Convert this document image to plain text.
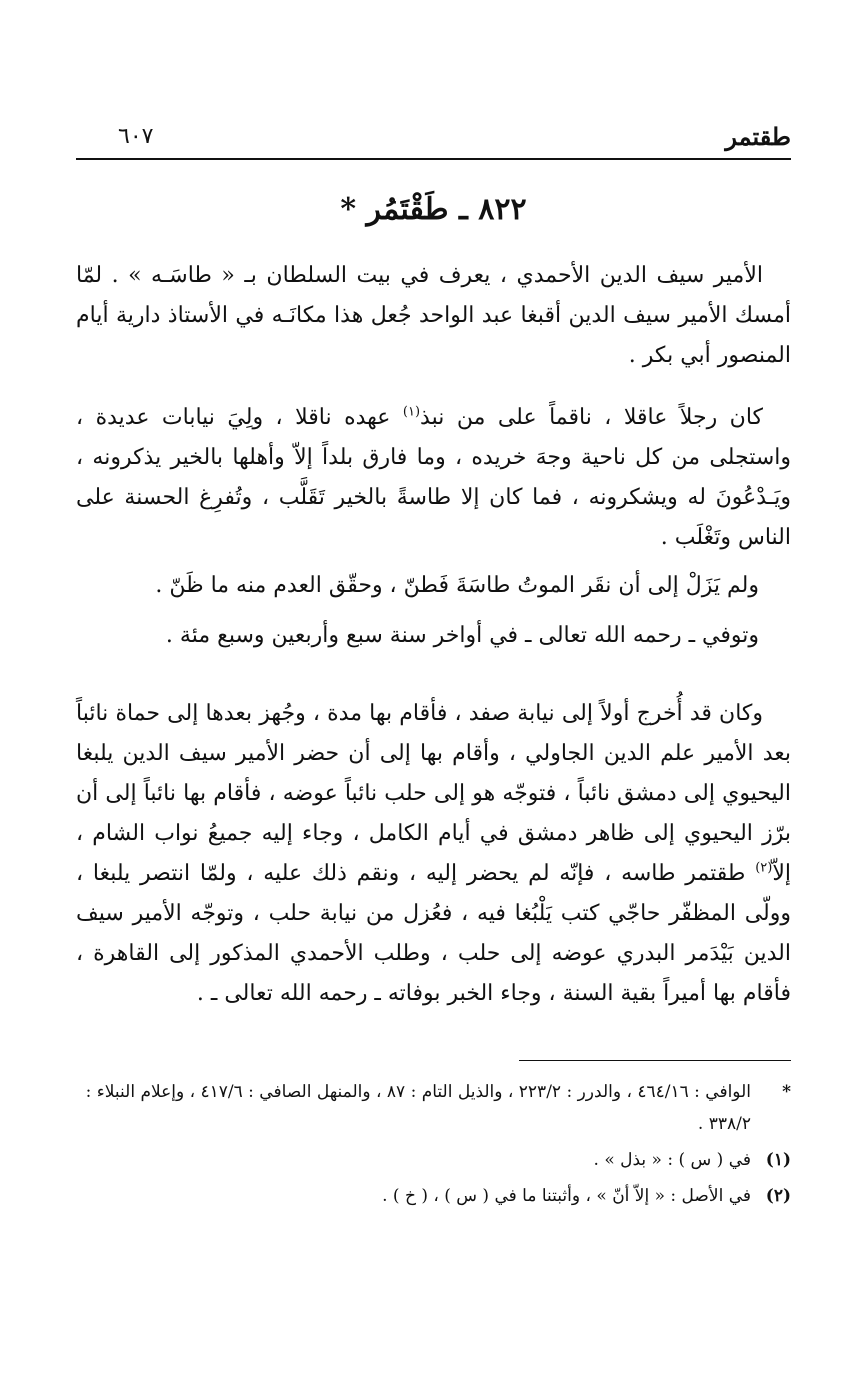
طقتمر
٦٠٧
٨٢٢ ـ طَقْتَمُر *

الأمير سيف الدين الأحمدي ، يعرف في بيت السلطان بـ « طاسَـه » . لمّا أمسك الأمير سيف الدين أقبغا عبد الواحد جُعل هذا مكانَـه في الأستاذ دارية أيام المنصور أبي بكر .

كان رجلاً عاقلا ، ناقماً على من نبذ$^{(١)}$ عهده ناقلا ، ولِيَ نيابات عديدة ، واستجلى من كل ناحية وجهَ خريده ، وما فارق بلداً إلاّ وأهلها بالخير يذكرونه ، ويَـدْعُونَ له ويشكرونه ، فما كان إلا طاسةً بالخير تَقَلَّب ، وتُفرِغ الحسنة على الناس وتَغْلَب .

ولم يَزَلْ إلى أن نقَر الموتُ طاسَةَ فَطنّ ، وحقّق العدم منه ما ظَنّ .

وتوفي ـ رحمه الله تعالى ـ في أواخر سنة سبع وأربعين وسبع مئة .

وكان قد أُخرج أولاً إلى نيابة صفد ، فأقام بها مدة ، وجُهز بعدها إلى حماة نائباً بعد الأمير علم الدين الجاولي ، وأقام بها إلى أن حضر الأمير سيف الدين يلبغا اليحيوي إلى دمشق نائباً ، فتوجّه هو إلى حلب نائباً عوضه ، فأقام بها نائباً إلى أن برّز اليحيوي إلى ظاهر دمشق في أيام الكامل ، وجاء إليه جميعُ نواب الشام ، إلاّ$^{(٢)}$ طقتمر طاسه ، فإنّه لم يحضر إليه ، ونقم ذلك عليه ، ولمّا انتصر يلبغا ، وولّى المظفّر حاجّي كتب يَلْبُغا فيه ، فعُزل من نيابة حلب ، وتوجّه الأمير سيف الدين بَيْدَمر البدري عوضه إلى حلب ، وطلب الأحمدي المذكور إلى القاهرة ، فأقام بها أميراً بقية السنة ، وجاء الخبر بوفاته ـ رحمه الله تعالى ـ .

*
الوافي : ٤٦٤/١٦ ، والدرر : ٢٢٣/٢ ، والذيل التام : ٨٧ ، والمنهل الصافي : ٤١٧/٦ ، وإعلام النبلاء : ٣٣٨/٢ .
(١)
في ( س ) : « بذل » .
(٢)
في الأصل : « إلاّ أنّ » ، وأثبتنا ما في ( س ) ، ( خ ) .
